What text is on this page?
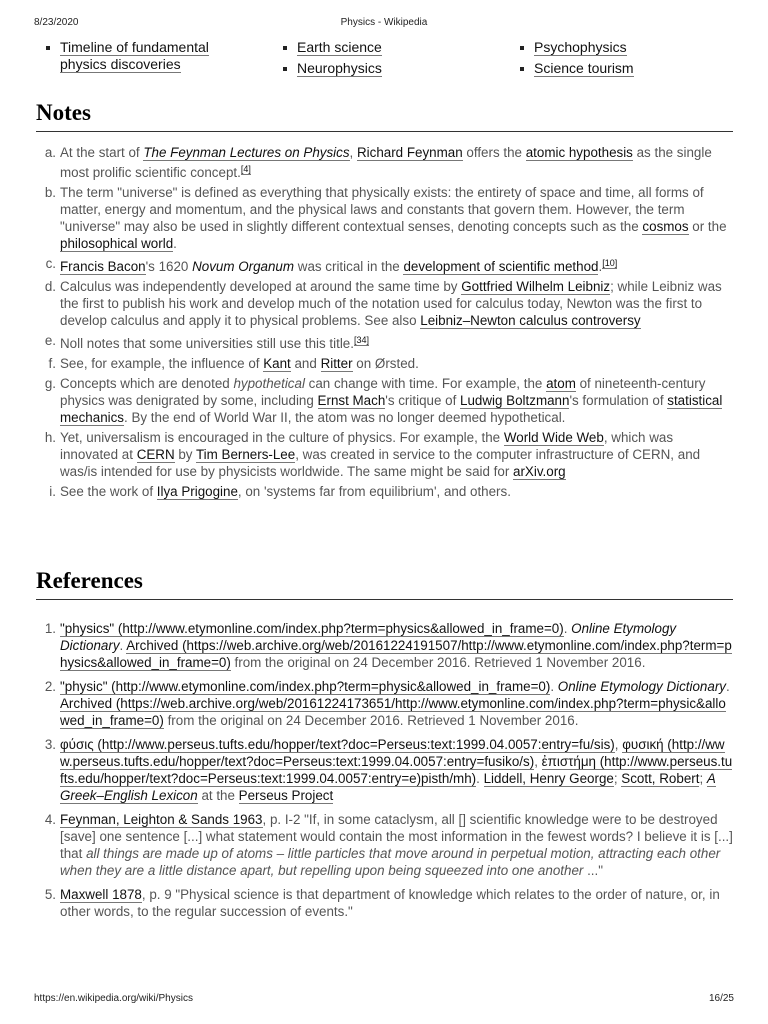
8/23/2020	Physics - Wikipedia
Timeline of fundamental physics discoveries
Earth science
Neurophysics
Psychophysics
Science tourism
Notes
a. At the start of The Feynman Lectures on Physics, Richard Feynman offers the atomic hypothesis as the single most prolific scientific concept.[4]
b. The term "universe" is defined as everything that physically exists: the entirety of space and time, all forms of matter, energy and momentum, and the physical laws and constants that govern them. However, the term "universe" may also be used in slightly different contextual senses, denoting concepts such as the cosmos or the philosophical world.
c. Francis Bacon's 1620 Novum Organum was critical in the development of scientific method.[10]
d. Calculus was independently developed at around the same time by Gottfried Wilhelm Leibniz; while Leibniz was the first to publish his work and develop much of the notation used for calculus today, Newton was the first to develop calculus and apply it to physical problems. See also Leibniz–Newton calculus controversy
e. Noll notes that some universities still use this title.[34]
f. See, for example, the influence of Kant and Ritter on Ørsted.
g. Concepts which are denoted hypothetical can change with time. For example, the atom of nineteenth-century physics was denigrated by some, including Ernst Mach's critique of Ludwig Boltzmann's formulation of statistical mechanics. By the end of World War II, the atom was no longer deemed hypothetical.
h. Yet, universalism is encouraged in the culture of physics. For example, the World Wide Web, which was innovated at CERN by Tim Berners-Lee, was created in service to the computer infrastructure of CERN, and was/is intended for use by physicists worldwide. The same might be said for arXiv.org
i. See the work of Ilya Prigogine, on 'systems far from equilibrium', and others.
References
1. "physics" (http://www.etymonline.com/index.php?term=physics&allowed_in_frame=0). Online Etymology Dictionary. Archived (https://web.archive.org/web/20161224191507/http://www.etymonline.com/index.php?term=physics&allowed_in_frame=0) from the original on 24 December 2016. Retrieved 1 November 2016.
2. "physic" (http://www.etymonline.com/index.php?term=physic&allowed_in_frame=0). Online Etymology Dictionary. Archived (https://web.archive.org/web/20161224173651/http://www.etymonline.com/index.php?term=physic&allowed_in_frame=0) from the original on 24 December 2016. Retrieved 1 November 2016.
3. φύσις (http://www.perseus.tufts.edu/hopper/text?doc=Perseus:text:1999.04.0057:entry=fu/sis), φυσική (http://www.perseus.tufts.edu/hopper/text?doc=Perseus:text:1999.04.0057:entry=fusiko/s), ἐπιστήμη (http://www.perseus.tufts.edu/hopper/text?doc=Perseus:text:1999.04.0057:entry=e)pisth/mh). Liddell, Henry George; Scott, Robert; A Greek–English Lexicon at the Perseus Project
4. Feynman, Leighton & Sands 1963, p. I-2 "If, in some cataclysm, all [] scientific knowledge were to be destroyed [save] one sentence [...] what statement would contain the most information in the fewest words? I believe it is [...] that all things are made up of atoms – little particles that move around in perpetual motion, attracting each other when they are a little distance apart, but repelling upon being squeezed into one another ..."
5. Maxwell 1878, p. 9 "Physical science is that department of knowledge which relates to the order of nature, or, in other words, to the regular succession of events."
https://en.wikipedia.org/wiki/Physics	16/25
